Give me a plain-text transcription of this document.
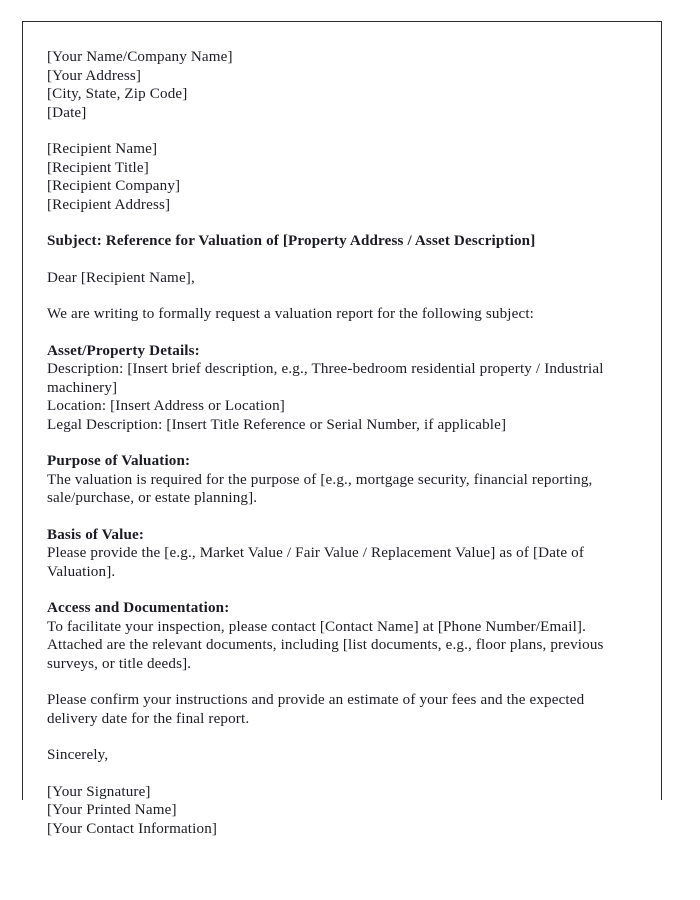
[Your Name/Company Name]
[Your Address]
[City, State, Zip Code]
[Date]
[Recipient Name]
[Recipient Title]
[Recipient Company]
[Recipient Address]
Subject: Reference for Valuation of [Property Address / Asset Description]
Dear [Recipient Name],
We are writing to formally request a valuation report for the following subject:
Asset/Property Details:
Description: [Insert brief description, e.g., Three-bedroom residential property / Industrial machinery]
Location: [Insert Address or Location]
Legal Description: [Insert Title Reference or Serial Number, if applicable]
Purpose of Valuation:
The valuation is required for the purpose of [e.g., mortgage security, financial reporting, sale/purchase, or estate planning].
Basis of Value:
Please provide the [e.g., Market Value / Fair Value / Replacement Value] as of [Date of Valuation].
Access and Documentation:
To facilitate your inspection, please contact [Contact Name] at [Phone Number/Email].
Attached are the relevant documents, including [list documents, e.g., floor plans, previous surveys, or title deeds].
Please confirm your instructions and provide an estimate of your fees and the expected delivery date for the final report.
Sincerely,
[Your Signature]
[Your Printed Name]
[Your Contact Information]
